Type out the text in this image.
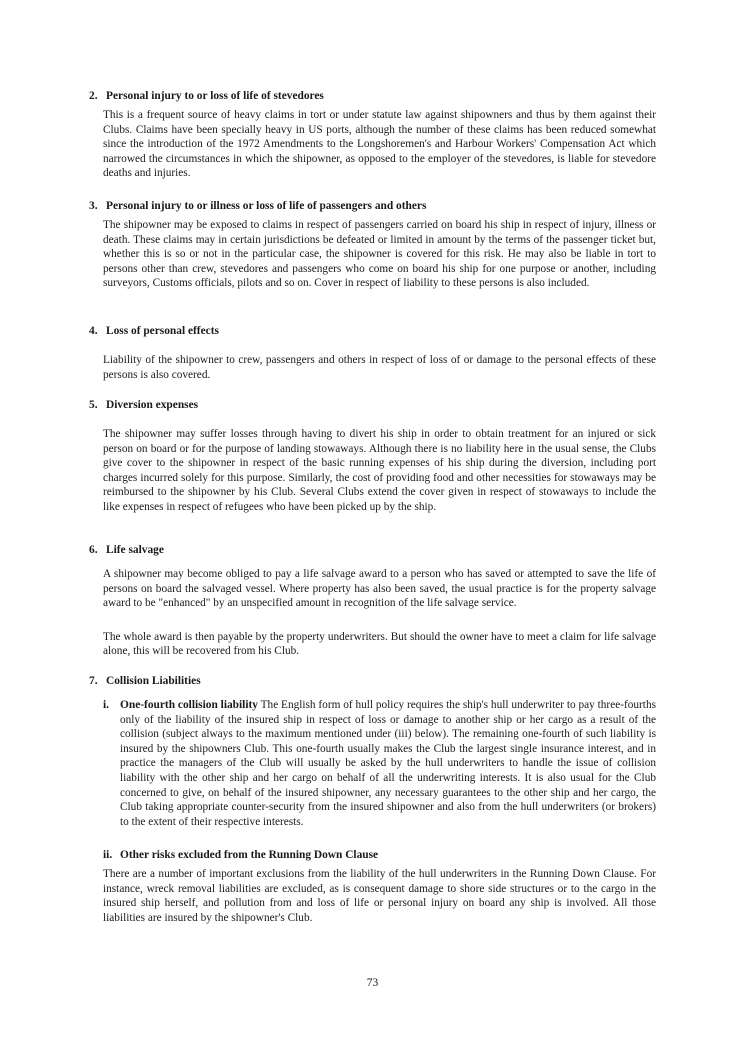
2. Personal injury to or loss of life of stevedores

This is a frequent source of heavy claims in tort or under statute law against shipowners and thus by them against their Clubs. Claims have been specially heavy in US ports, although the number of these claims has been reduced somewhat since the introduction of the 1972 Amendments to the Longshoremen's and Harbour Workers' Compensation Act which narrowed the circumstances in which the shipowner, as opposed to the employer of the stevedores, is liable for stevedore deaths and injuries.

3. Personal injury to or illness or loss of life of passengers and others

The shipowner may be exposed to claims in respect of passengers carried on board his ship in respect of injury, illness or death. These claims may in certain jurisdictions be defeated or limited in amount by the terms of the passenger ticket but, whether this is so or not in the particular case, the shipowner is covered for this risk. He may also be liable in tort to persons other than crew, stevedores and passengers who come on board his ship for one purpose or another, including surveyors, Customs officials, pilots and so on. Cover in respect of liability to these persons is also included.

4. Loss of personal effects

Liability of the shipowner to crew, passengers and others in respect of loss of or damage to the personal effects of these persons is also covered.

5. Diversion expenses

The shipowner may suffer losses through having to divert his ship in order to obtain treatment for an injured or sick person on board or for the purpose of landing stowaways. Although there is no liability here in the usual sense, the Clubs give cover to the shipowner in respect of the basic running expenses of his ship during the diversion, including port charges incurred solely for this purpose. Similarly, the cost of providing food and other necessities for stowaways may be reimbursed to the shipowner by his Club. Several Clubs extend the cover given in respect of stowaways to include the like expenses in respect of refugees who have been picked up by the ship.

6. Life salvage

A shipowner may become obliged to pay a life salvage award to a person who has saved or attempted to save the life of persons on board the salvaged vessel. Where property has also been saved, the usual practice is for the property salvage award to be "enhanced" by an unspecified amount in recognition of the life salvage service.

The whole award is then payable by the property underwriters. But should the owner have to meet a claim for life salvage alone, this will be recovered from his Club.

7. Collision Liabilities

i. One-fourth collision liability The English form of hull policy requires the ship's hull underwriter to pay three-fourths only of the liability of the insured ship in respect of loss or damage to another ship or her cargo as a result of the collision (subject always to the maximum mentioned under (iii) below). The remaining one-fourth of such liability is insured by the shipowners Club. This one-fourth usually makes the Club the largest single insurance interest, and in practice the managers of the Club will usually be asked by the hull underwriters to handle the issue of collision liability with the other ship and her cargo on behalf of all the underwriting interests. It is also usual for the Club concerned to give, on behalf of the insured shipowner, any necessary guarantees to the other ship and her cargo, the Club taking appropriate counter-security from the insured shipowner and also from the hull underwriters (or brokers) to the extent of their respective interests.

ii. Other risks excluded from the Running Down Clause

There are a number of important exclusions from the liability of the hull underwriters in the Running Down Clause. For instance, wreck removal liabilities are excluded, as is consequent damage to shore side structures or to the cargo in the insured ship herself, and pollution from and loss of life or personal injury on board any ship is involved. All those liabilities are insured by the shipowner's Club.

73
